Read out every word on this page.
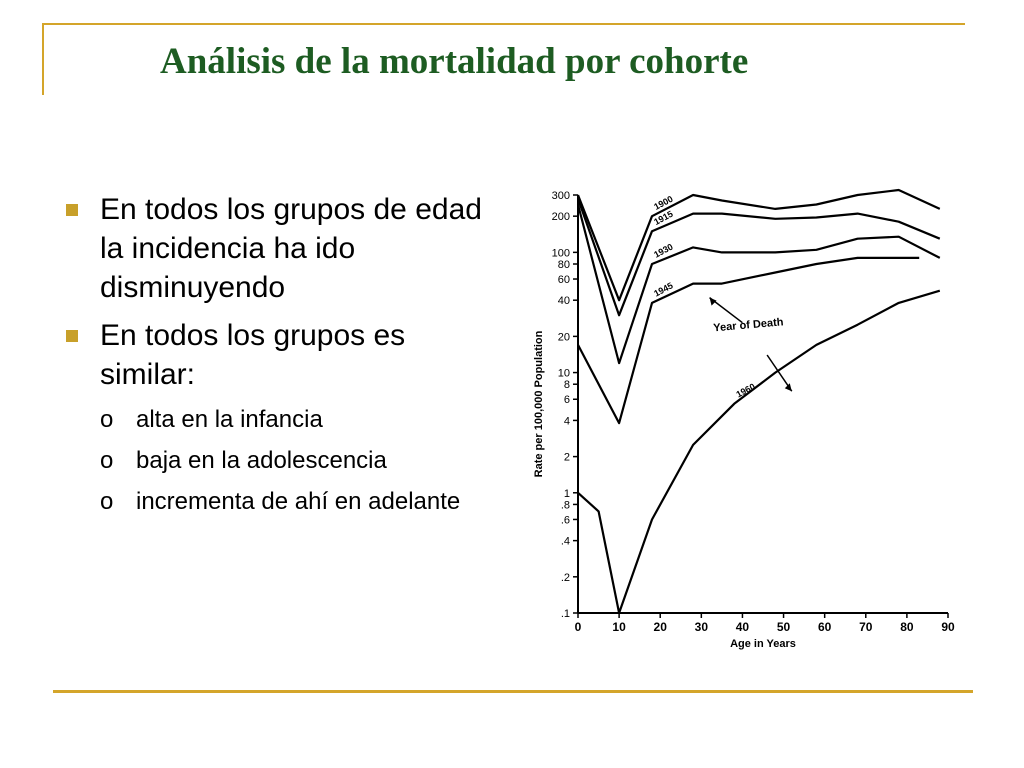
Análisis de la mortalidad por cohorte
En todos los grupos de edad la incidencia ha ido disminuyendo
En todos los grupos es similar:
o alta en la infancia
o baja en la adolescencia
o incrementa de ahí en adelante
.1
.2
.4
.6
.8
1
2
4
6
8
10
20
40
60
80
100
200
300
0	10 20 30 40 50 60 70 80 90
Age in Years
Rate per 100,000 Population
1900
1915
1930
1945
1960
Year of Death
